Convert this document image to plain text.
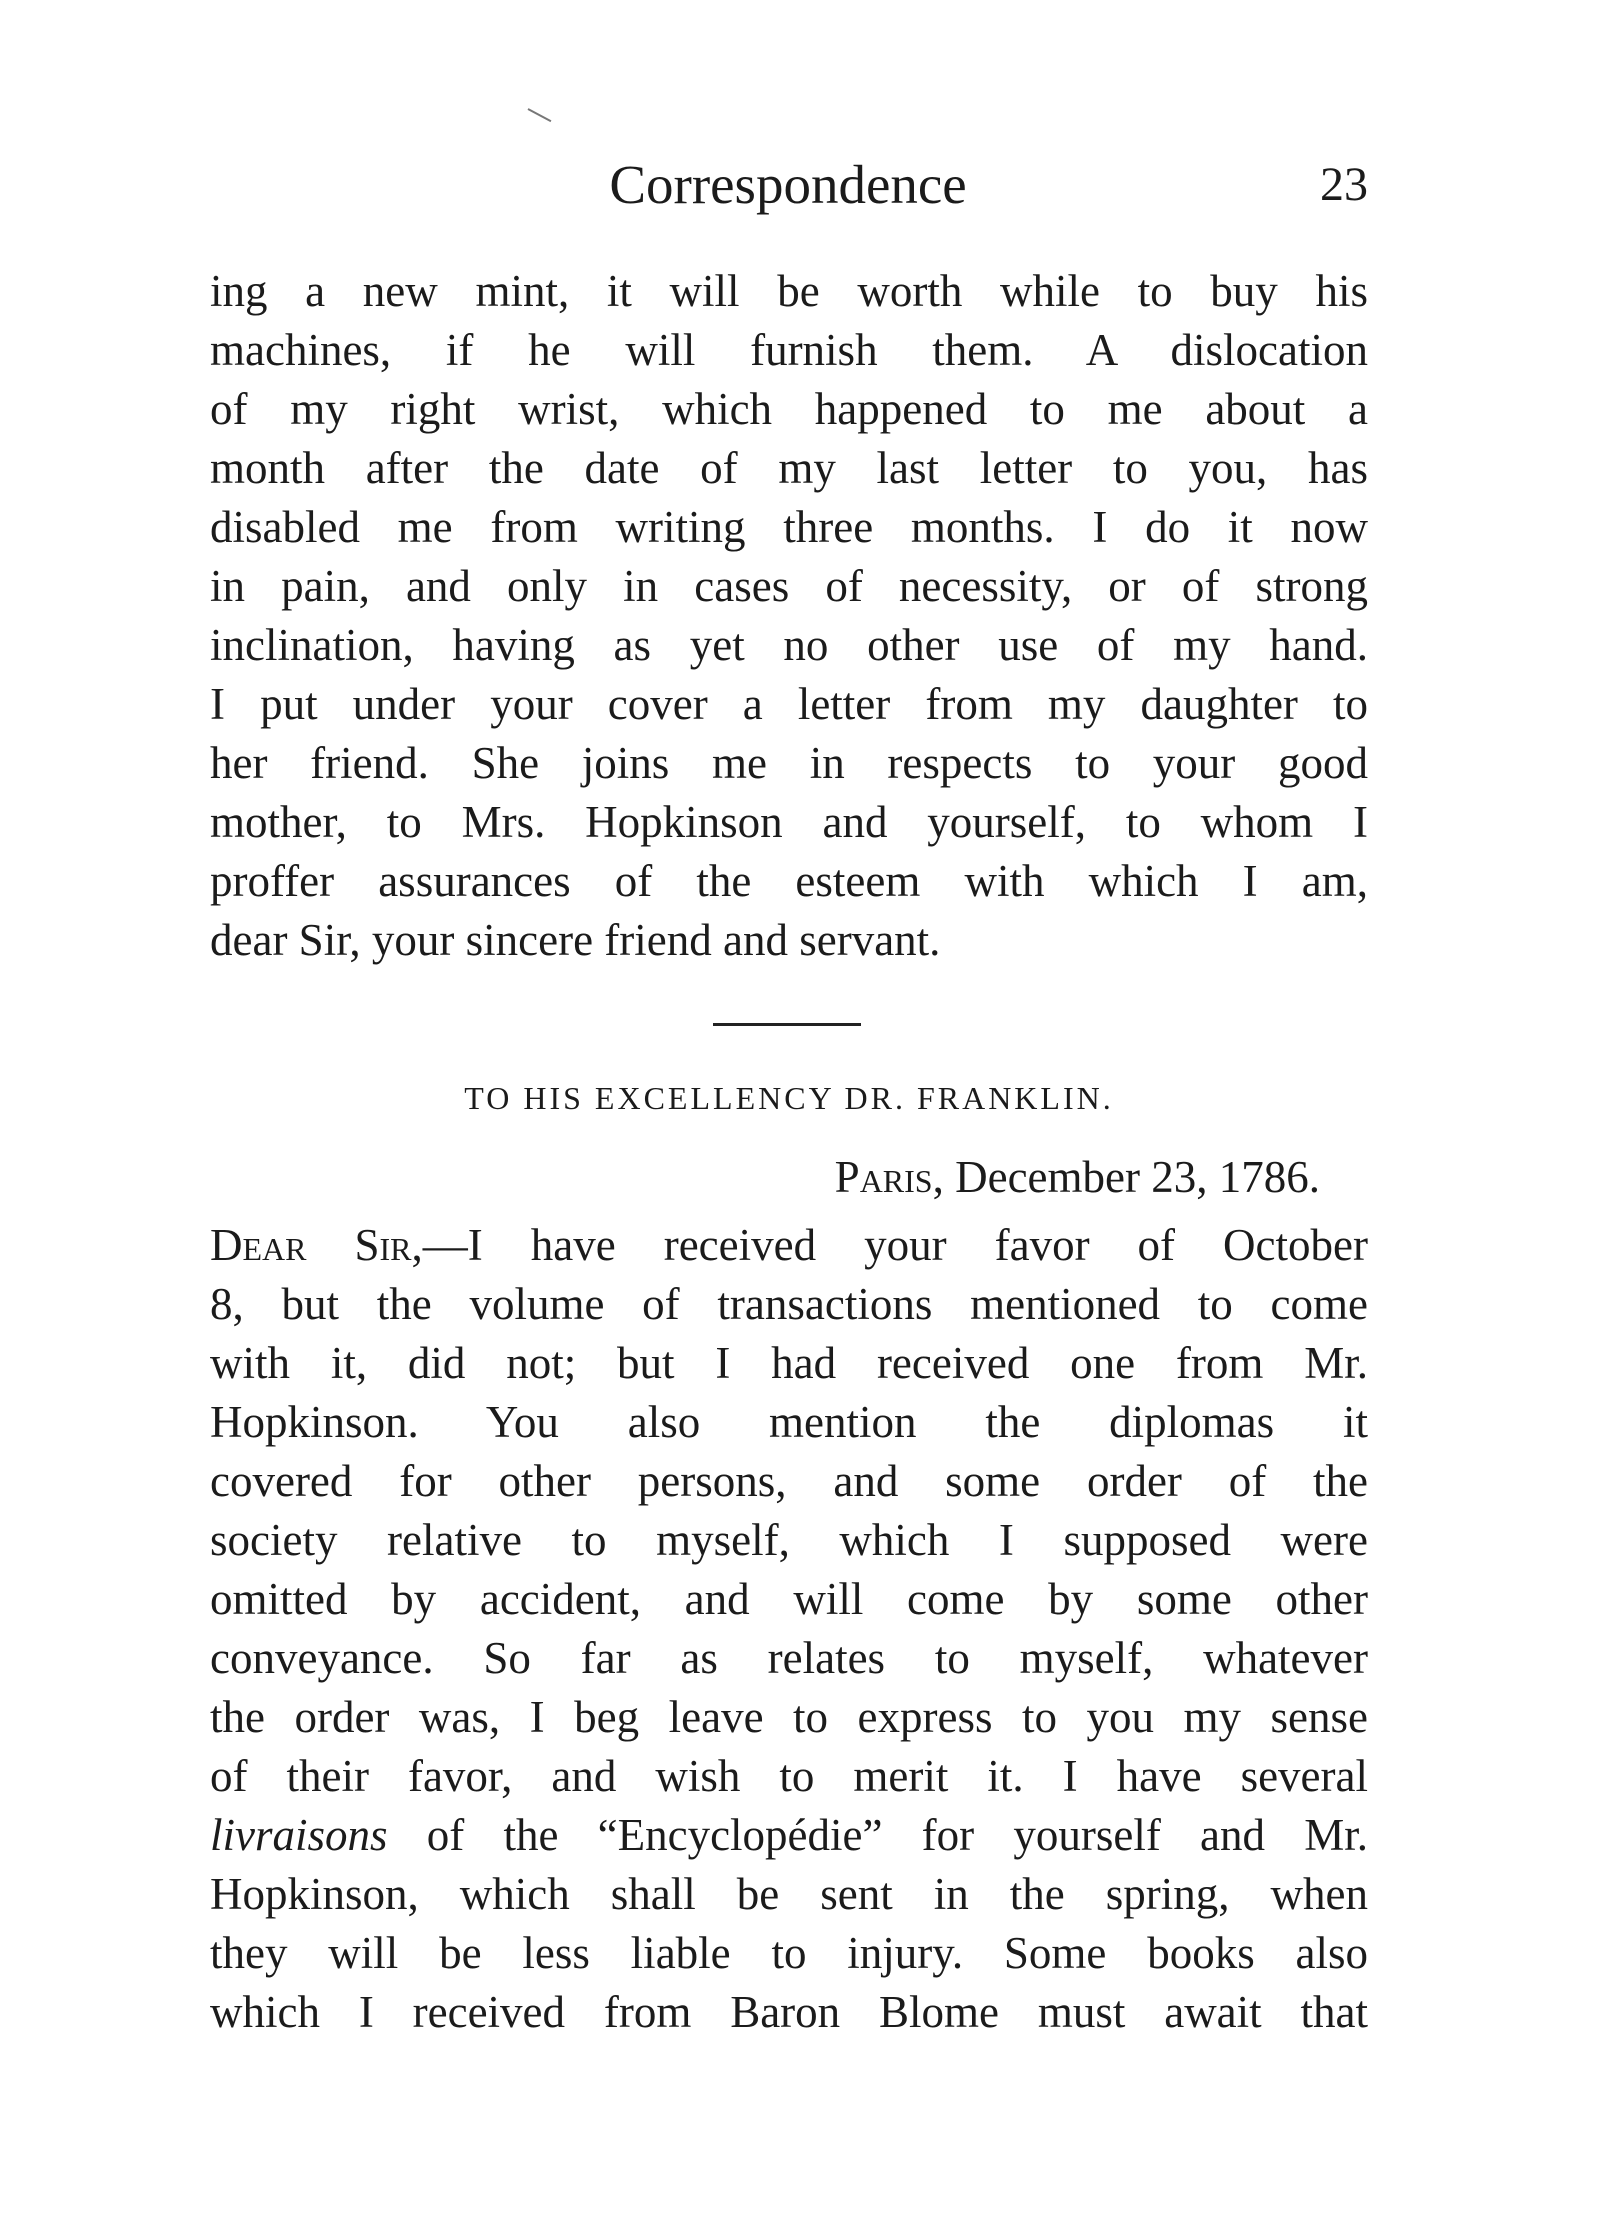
Correspondence	23
ing a new mint, it will be worth while to buy his
machines, if he will furnish them. A dislocation
of my right wrist, which happened to me about a
month after the date of my last letter to you, has
disabled me from writing three months. I do it now
in pain, and only in cases of necessity, or of strong
inclination, having as yet no other use of my hand.
I put under your cover a letter from my daughter to
her friend. She joins me in respects to your good
mother, to Mrs. Hopkinson and yourself, to whom I
proffer assurances of the esteem with which I am,
dear Sir, your sincere friend and servant.
TO HIS EXCELLENCY DR. FRANKLIN.
Paris, December 23, 1786.
Dear Sir,—I have received your favor of October
8, but the volume of transactions mentioned to come
with it, did not; but I had received one from Mr.
Hopkinson. You also mention the diplomas it
covered for other persons, and some order of the
society relative to myself, which I supposed were
omitted by accident, and will come by some other
conveyance. So far as relates to myself, whatever
the order was, I beg leave to express to you my sense
of their favor, and wish to merit it. I have several
livraisons of the “Encyclopédie” for yourself and Mr.
Hopkinson, which shall be sent in the spring, when
they will be less liable to injury. Some books also
which I received from Baron Blome must await that
